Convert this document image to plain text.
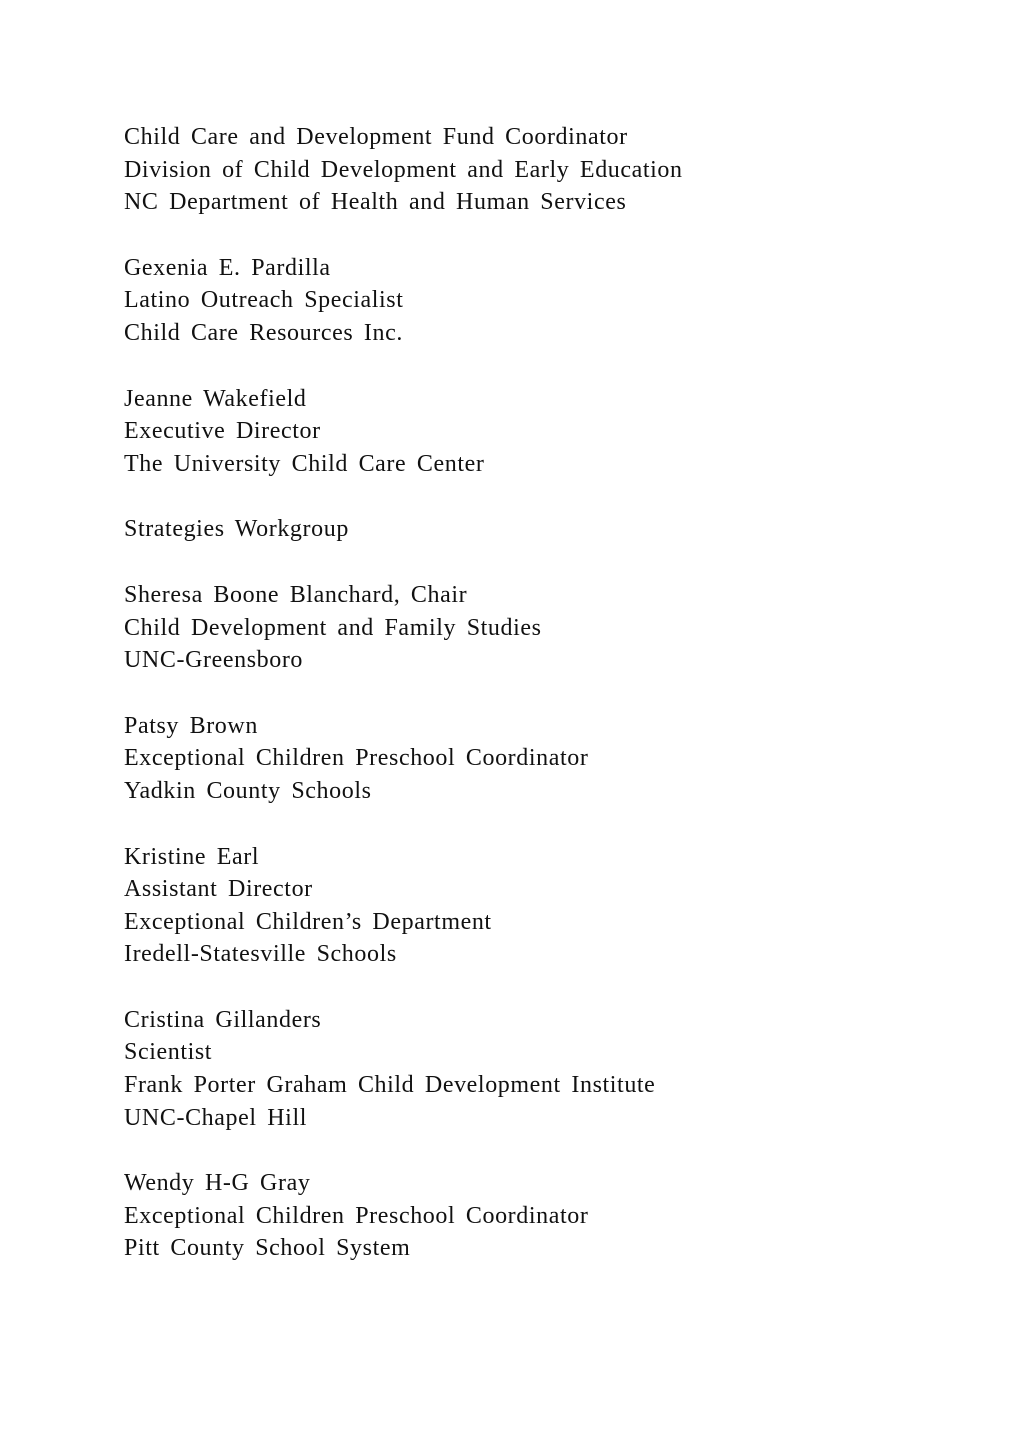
Child Care and Development Fund Coordinator
Division of Child Development and Early Education
NC Department of Health and Human Services
Gexenia E. Pardilla
Latino Outreach Specialist
Child Care Resources Inc.
Jeanne Wakefield
Executive Director
The University Child Care Center
Strategies Workgroup
Sheresa Boone Blanchard, Chair
Child Development and Family Studies
UNC-Greensboro
Patsy Brown
Exceptional Children Preschool Coordinator
Yadkin County Schools
Kristine Earl
Assistant Director
Exceptional Children’s Department
Iredell-Statesville Schools
Cristina Gillanders
Scientist
Frank Porter Graham Child Development Institute
UNC-Chapel Hill
Wendy H-G Gray
Exceptional Children Preschool Coordinator
Pitt County School System
